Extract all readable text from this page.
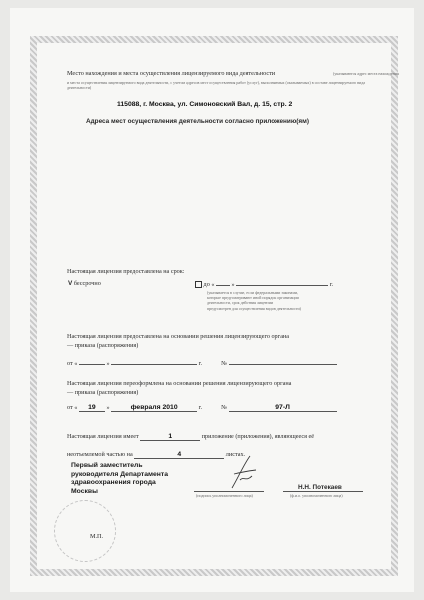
Место нахождения и места осуществления лицензируемого вида деятельности	(указываются адрес места нахождения
и места осуществления лицензируемого вида деятельности, с учетом адресов мест осуществления работ (услуг), выполняемых (оказываемых) в составе лицензируемого вида деятельности)
115088, г. Москва, ул. Симоновский Вал, д. 15, стр. 2
Адреса мест осуществления деятельности согласно приложению(ям)
Настоящая лицензия предоставлена на срок:
V бессрочно	до «	»	г.
(указывается в случае, если федеральными законами,
которые предусматривают иной порядок организации
деятельности, срок действия лицензии
предусмотрен для осуществления видов деятельности)
Настоящая лицензия предоставлена на основании решения лицензирующего органа
— приказа (распоряжения)
от «	»	г.	№
Настоящая лицензия переоформлена на основании решения лицензирующего органа
— приказа (распоряжения)
от « 19 »	февраля 2010	г.	№	97-Л
Настоящая лицензия имеет	1	приложение (приложения), являющееся её
неотъемлемой частью на	4	листах.
Первый заместитель
руководителя Департамента
здравоохранения города
Москвы
(подпись уполномоченного лица)
Н.Н. Потекаев
(ф.и.о. уполномоченного лица)
М.П.
